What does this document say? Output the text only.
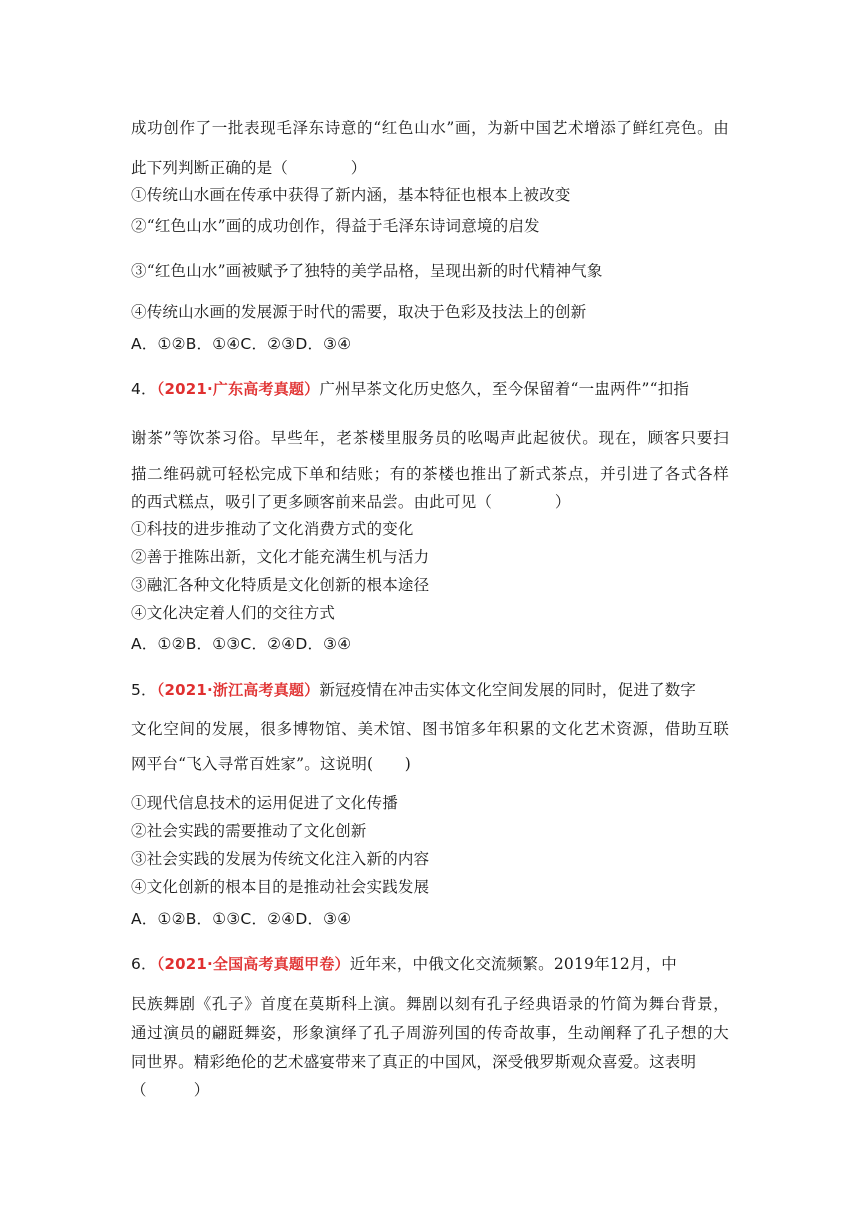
成功创作了一批表现毛泽东诗意的“红色山水”画，为新中国艺术增添了鲜红亮色。由
此下列判断正确的是（　　　　）
①传统山水画在传承中获得了新内涵，基本特征也根本上被改变
②“红色山水”画的成功创作，得益于毛泽东诗词意境的启发
③“红色山水”画被赋予了独特的美学品格，呈现出新的时代精神气象
④传统山水画的发展源于时代的需要，取决于色彩及技法上的创新
A．①②B．①④C．②③D．③④
4．（2021·广东高考真题）广州早茶文化历史悠久，至今保留着“一盅两件”“扣指
谢茶”等饮茶习俗。早些年，老茶楼里服务员的吆喝声此起彼伏。现在，顾客只要扫
描二维码就可轻松完成下单和结账；有的茶楼也推出了新式茶点，并引进了各式各样
的西式糕点，吸引了更多顾客前来品尝。由此可见（　　　　）
①科技的进步推动了文化消费方式的变化
②善于推陈出新，文化才能充满生机与活力
③融汇各种文化特质是文化创新的根本途径
④文化决定着人们的交往方式
A．①②B．①③C．②④D．③④
5．（2021·浙江高考真题）新冠疫情在冲击实体文化空间发展的同时，促进了数字
文化空间的发展，很多博物馆、美术馆、图书馆多年积累的文化艺术资源，借助互联
网平台“飞入寻常百姓家”。这说明(　　)
①现代信息技术的运用促进了文化传播
②社会实践的需要推动了文化创新
③社会实践的发展为传统文化注入新的内容
④文化创新的根本目的是推动社会实践发展
A．①②B．①③C．②④D．③④
6．（2021·全国高考真题甲卷）近年来，中俄文化交流频繁。2019年12月，中
民族舞剧《孔子》首度在莫斯科上演。舞剧以刻有孔子经典语录的竹简为舞台背景，
通过演员的翩跹舞姿，形象演绎了孔子周游列国的传奇故事，生动阐释了孔子想的大
同世界。精彩绝伦的艺术盛宴带来了真正的中国风，深受俄罗斯观众喜爱。这表明
（　　　）
